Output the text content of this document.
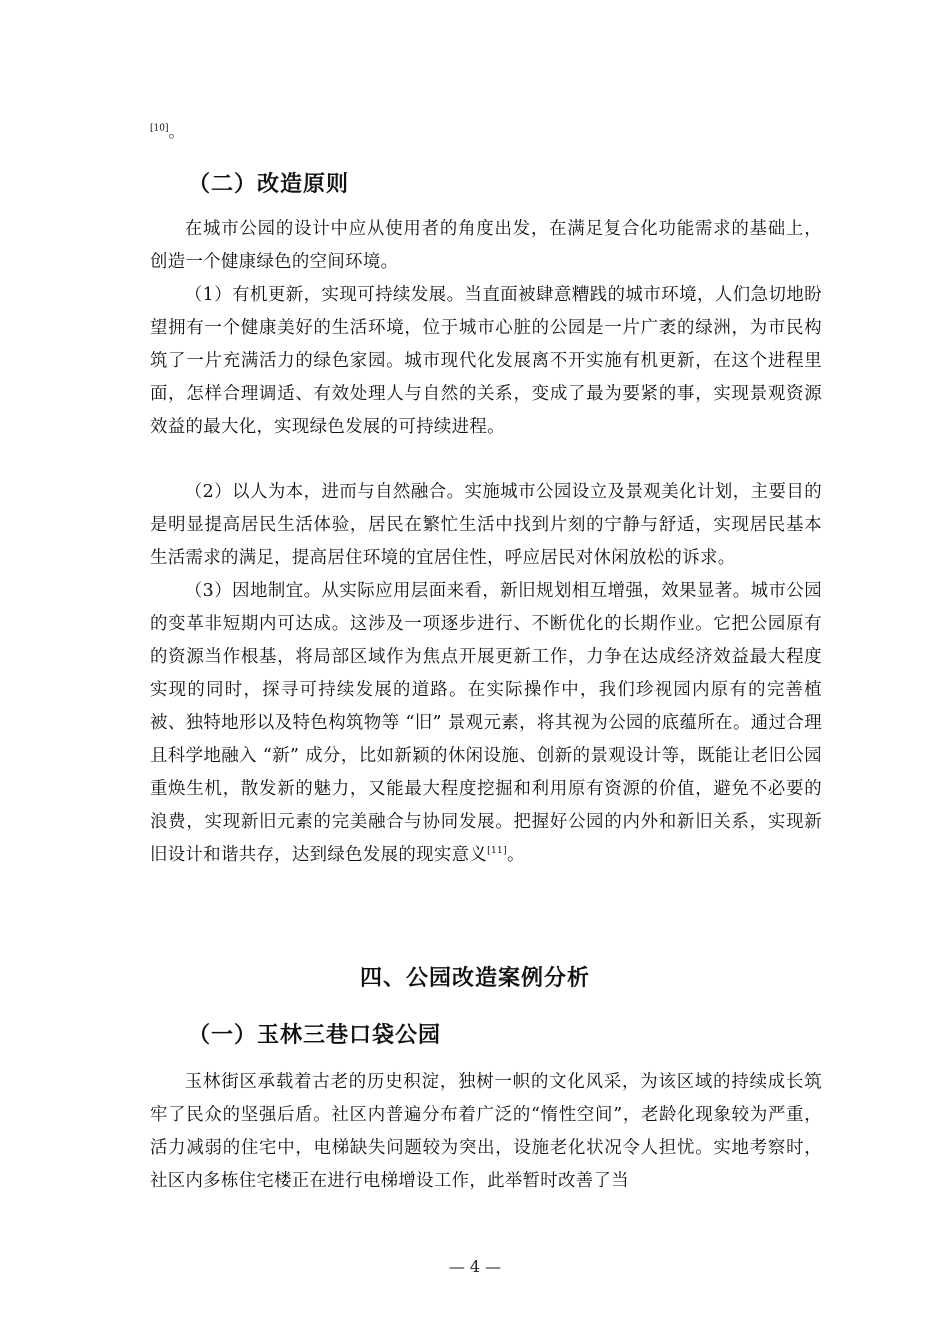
[10]。
（二）改造原则

在城市公园的设计中应从使用者的角度出发，在满足复合化功能需求的基础上，创造一个健康绿色的空间环境。

（1）有机更新，实现可持续发展。当直面被肆意糟践的城市环境，人们急切地盼望拥有一个健康美好的生活环境，位于城市心脏的公园是一片广袤的绿洲，为市民构筑了一片充满活力的绿色家园。城市现代化发展离不开实施有机更新，在这个进程里面，怎样合理调适、有效处理人与自然的关系，变成了最为要紧的事，实现景观资源效益的最大化，实现绿色发展的可持续进程。

（2）以人为本，进而与自然融合。实施城市公园设立及景观美化计划，主要目的是明显提高居民生活体验，居民在繁忙生活中找到片刻的宁静与舒适，实现居民基本生活需求的满足，提高居住环境的宜居住性，呼应居民对休闲放松的诉求。

（3）因地制宜。从实际应用层面来看，新旧规划相互增强，效果显著。城市公园的变革非短期内可达成。这涉及一项逐步进行、不断优化的长期作业。它把公园原有的资源当作根基，将局部区域作为焦点开展更新工作，力争在达成经济效益最大程度实现的同时，探寻可持续发展的道路。在实际操作中，我们珍视园内原有的完善植被、独特地形以及特色构筑物等 “旧” 景观元素，将其视为公园的底蕴所在。通过合理且科学地融入 “新” 成分，比如新颖的休闲设施、创新的景观设计等，既能让老旧公园重焕生机，散发新的魅力，又能最大程度挖掘和利用原有资源的价值，避免不必要的浪费，实现新旧元素的完美融合与协同发展。把握好公园的内外和新旧关系，实现新旧设计和谐共存，达到绿色发展的现实意义[11]。

四、公园改造案例分析
（一）玉林三巷口袋公园

玉林街区承载着古老的历史积淀，独树一帜的文化风采，为该区域的持续成长筑牢了民众的坚强后盾。社区内普遍分布着广泛的“惰性空间”，老龄化现象较为严重，活力减弱的住宅中，电梯缺失问题较为突出，设施老化状况令人担忧。实地考察时，社区内多栋住宅楼正在进行电梯增设工作，此举暂时改善了当

— 4 —
